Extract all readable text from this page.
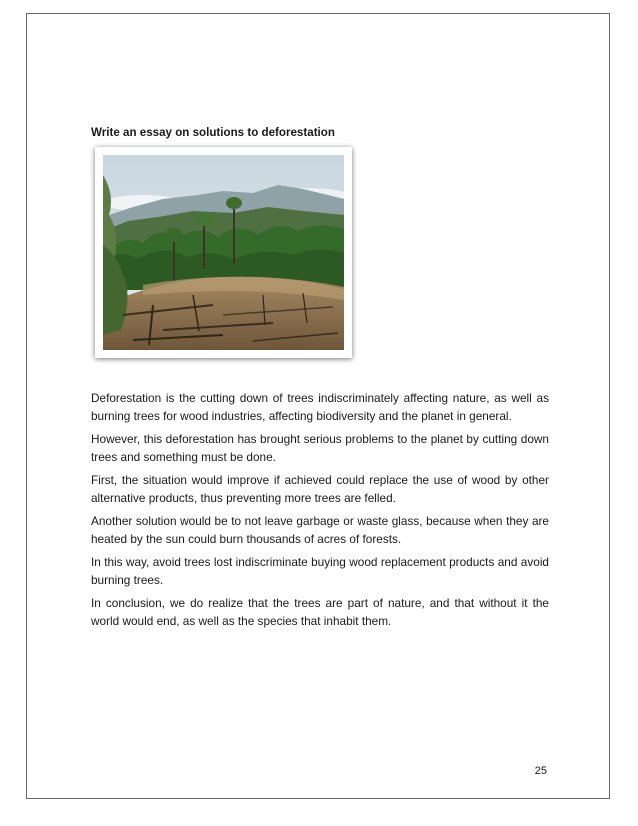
Write an essay on solutions to deforestation

Deforestation is the cutting down of trees indiscriminately affecting nature, as well as burning trees for wood industries, affecting biodiversity and the planet in general.

However, this deforestation has brought serious problems to the planet by cutting down trees and something must be done.

First, the situation would improve if achieved could replace the use of wood by other alternative products, thus preventing more trees are felled.

Another solution would be to not leave garbage or waste glass, because when they are heated by the sun could burn thousands of acres of forests.

In this way, avoid trees lost indiscriminate buying wood replacement products and avoid burning trees.

In conclusion, we do realize that the trees are part of nature, and that without it the world would end, as well as the species that inhabit them.

25
